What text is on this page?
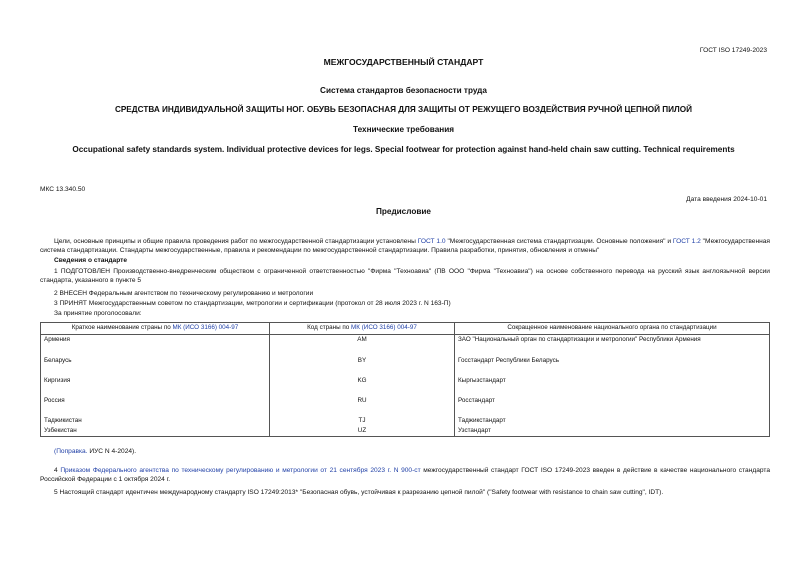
ГОСТ ISO 17249-2023
МЕЖГОСУДАРСТВЕННЫЙ СТАНДАРТ
Система стандартов безопасности труда
СРЕДСТВА ИНДИВИДУАЛЬНОЙ ЗАЩИТЫ НОГ. ОБУВЬ БЕЗОПАСНАЯ ДЛЯ ЗАЩИТЫ ОТ РЕЖУЩЕГО ВОЗДЕЙСТВИЯ РУЧНОЙ ЦЕПНОЙ ПИЛОЙ
Технические требования
Occupational safety standards system. Individual protective devices for legs. Special footwear for protection against hand-held chain saw cutting. Technical requirements
МКС 13.340.50
Дата введения 2024-10-01
Предисловие
Цели, основные принципы и общие правила проведения работ по межгосударственной стандартизации установлены ГОСТ 1.0 "Межгосударственная система стандартизации. Основные положения" и ГОСТ 1.2 "Межгосударственная система стандартизации. Стандарты межгосударственные, правила и рекомендации по межгосударственной стандартизации. Правила разработки, принятия, обновления и отмены"
Сведения о стандарте
1 ПОДГОТОВЛЕН Производственно-внедренческим обществом с ограниченной ответственностью "Фирма "Техноавиа" (ПВ ООО "Фирма "Техноавиа") на основе собственного перевода на русский язык англоязычной версии стандарта, указанного в пункте 5
2 ВНЕСЕН Федеральным агентством по техническому регулированию и метрологии
3 ПРИНЯТ Межгосударственным советом по стандартизации, метрологии и сертификации (протокол от 28 июля 2023 г. N 163-П)
За принятие проголосовали:
Краткое наименование страны по МК (ИСО 3166) 004-97	Код страны по МК (ИСО 3166) 004-97	Сокращенное наименование национального органа по стандартизации
Армения	AM	ЗАО "Национальный орган по стандартизации и метрологии" Республики Армения
Беларусь	BY	Госстандарт Республики Беларусь
Киргизия	KG	Кыргызстандарт
Россия	RU	Росстандарт
Таджикистан	TJ	Таджикстандарт
Узбекистан	UZ	Узстандарт
(Поправка. ИУС N 4-2024).
4 Приказом Федерального агентства по техническому регулированию и метрологии от 21 сентября 2023 г. N 900-ст межгосударственный стандарт ГОСТ ISO 17249-2023 введен в действие в качестве национального стандарта Российской Федерации с 1 октября 2024 г.
5 Настоящий стандарт идентичен международному стандарту ISO 17249:2013* "Безопасная обувь, устойчивая к разрезанию цепной пилой" ("Safety footwear with resistance to chain saw cutting", IDT).
